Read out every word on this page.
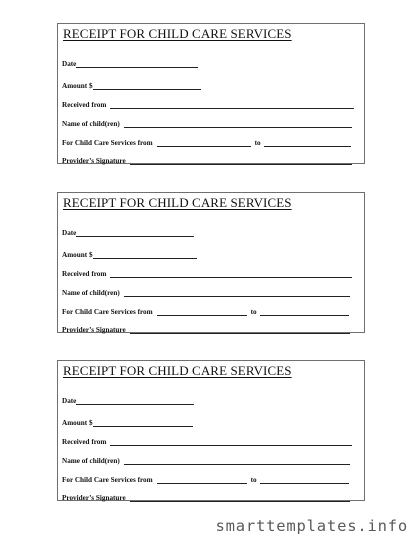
RECEIPT FOR CHILD CARE SERVICES
Date
Amount $
Received from
Name of child(ren)
For Child Care Services from	to
Provider’s Signature
RECEIPT FOR CHILD CARE SERVICES
Date
Amount $
Received from
Name of child(ren)
For Child Care Services from	to
Provider’s Signature
RECEIPT FOR CHILD CARE SERVICES
Date
Amount $
Received from
Name of child(ren)
For Child Care Services from	to
Provider’s Signature
smarttemplates.info
